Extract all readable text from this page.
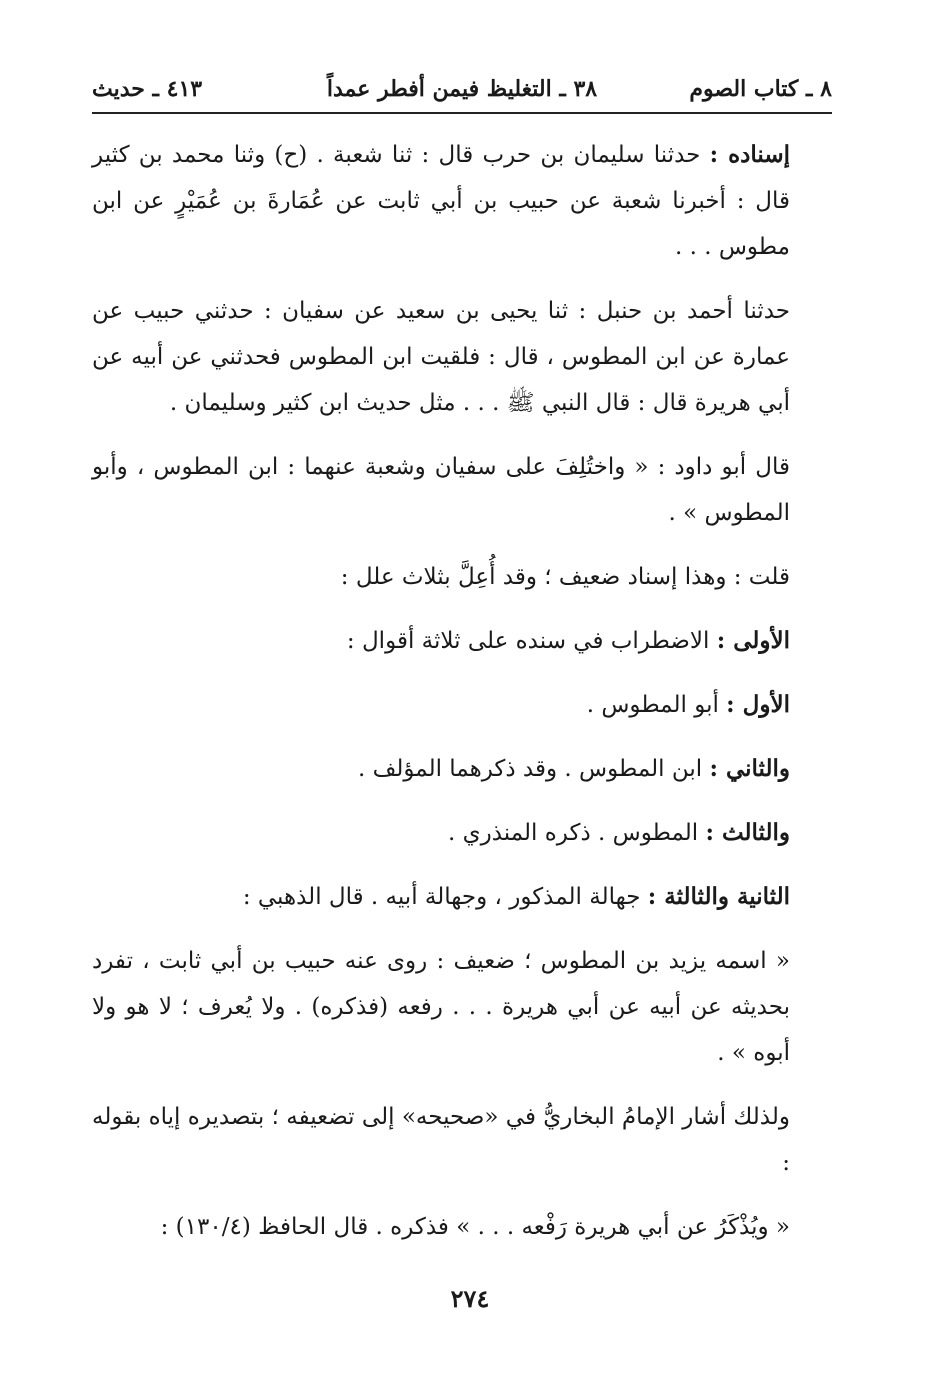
٨ ـ كتاب الصوم
٣٨ ـ التغليظ فيمن أفطر عمداً
٤١٣ ـ حديث

إسناده : حدثنا سليمان بن حرب قال : ثنا شعبة . (ح) وثنا محمد بن كثير قال : أخبرنا شعبة عن حبيب بن أبي ثابت عن عُمَارةَ بن عُمَيْرٍ عن ابن مطوس . . .

حدثنا أحمد بن حنبل : ثنا يحيى بن سعيد عن سفيان : حدثني حبيب عن عمارة عن ابن المطوس ، قال : فلقيت ابن المطوس فحدثني عن أبيه عن أبي هريرة قال : قال النبي ﷺ . . . مثل حديث ابن كثير وسليمان .

قال أبو داود : « واختُلِفَ على سفيان وشعبة عنهما : ابن المطوس ، وأبو المطوس » .

قلت : وهذا إسناد ضعيف ؛ وقد أُعِلَّ بثلاث علل :

الأولى : الاضطراب في سنده على ثلاثة أقوال :

الأول : أبو المطوس .

والثاني : ابن المطوس . وقد ذكرهما المؤلف .

والثالث : المطوس . ذكره المنذري .

الثانية والثالثة : جهالة المذكور ، وجهالة أبيه . قال الذهبي :

« اسمه يزيد بن المطوس ؛ ضعيف : روى عنه حبيب بن أبي ثابت ، تفرد بحديثه عن أبيه عن أبي هريرة . . . رفعه (فذكره) . ولا يُعرف ؛ لا هو ولا أبوه » .

ولذلك أشار الإمامُ البخاريُّ في «صحيحه» إلى تضعيفه ؛ بتصديره إياه بقوله :

« ويُذْكَرُ عن أبي هريرة رَفْعه . . . » فذكره . قال الحافظ (١٣٠/٤) :

٢٧٤
